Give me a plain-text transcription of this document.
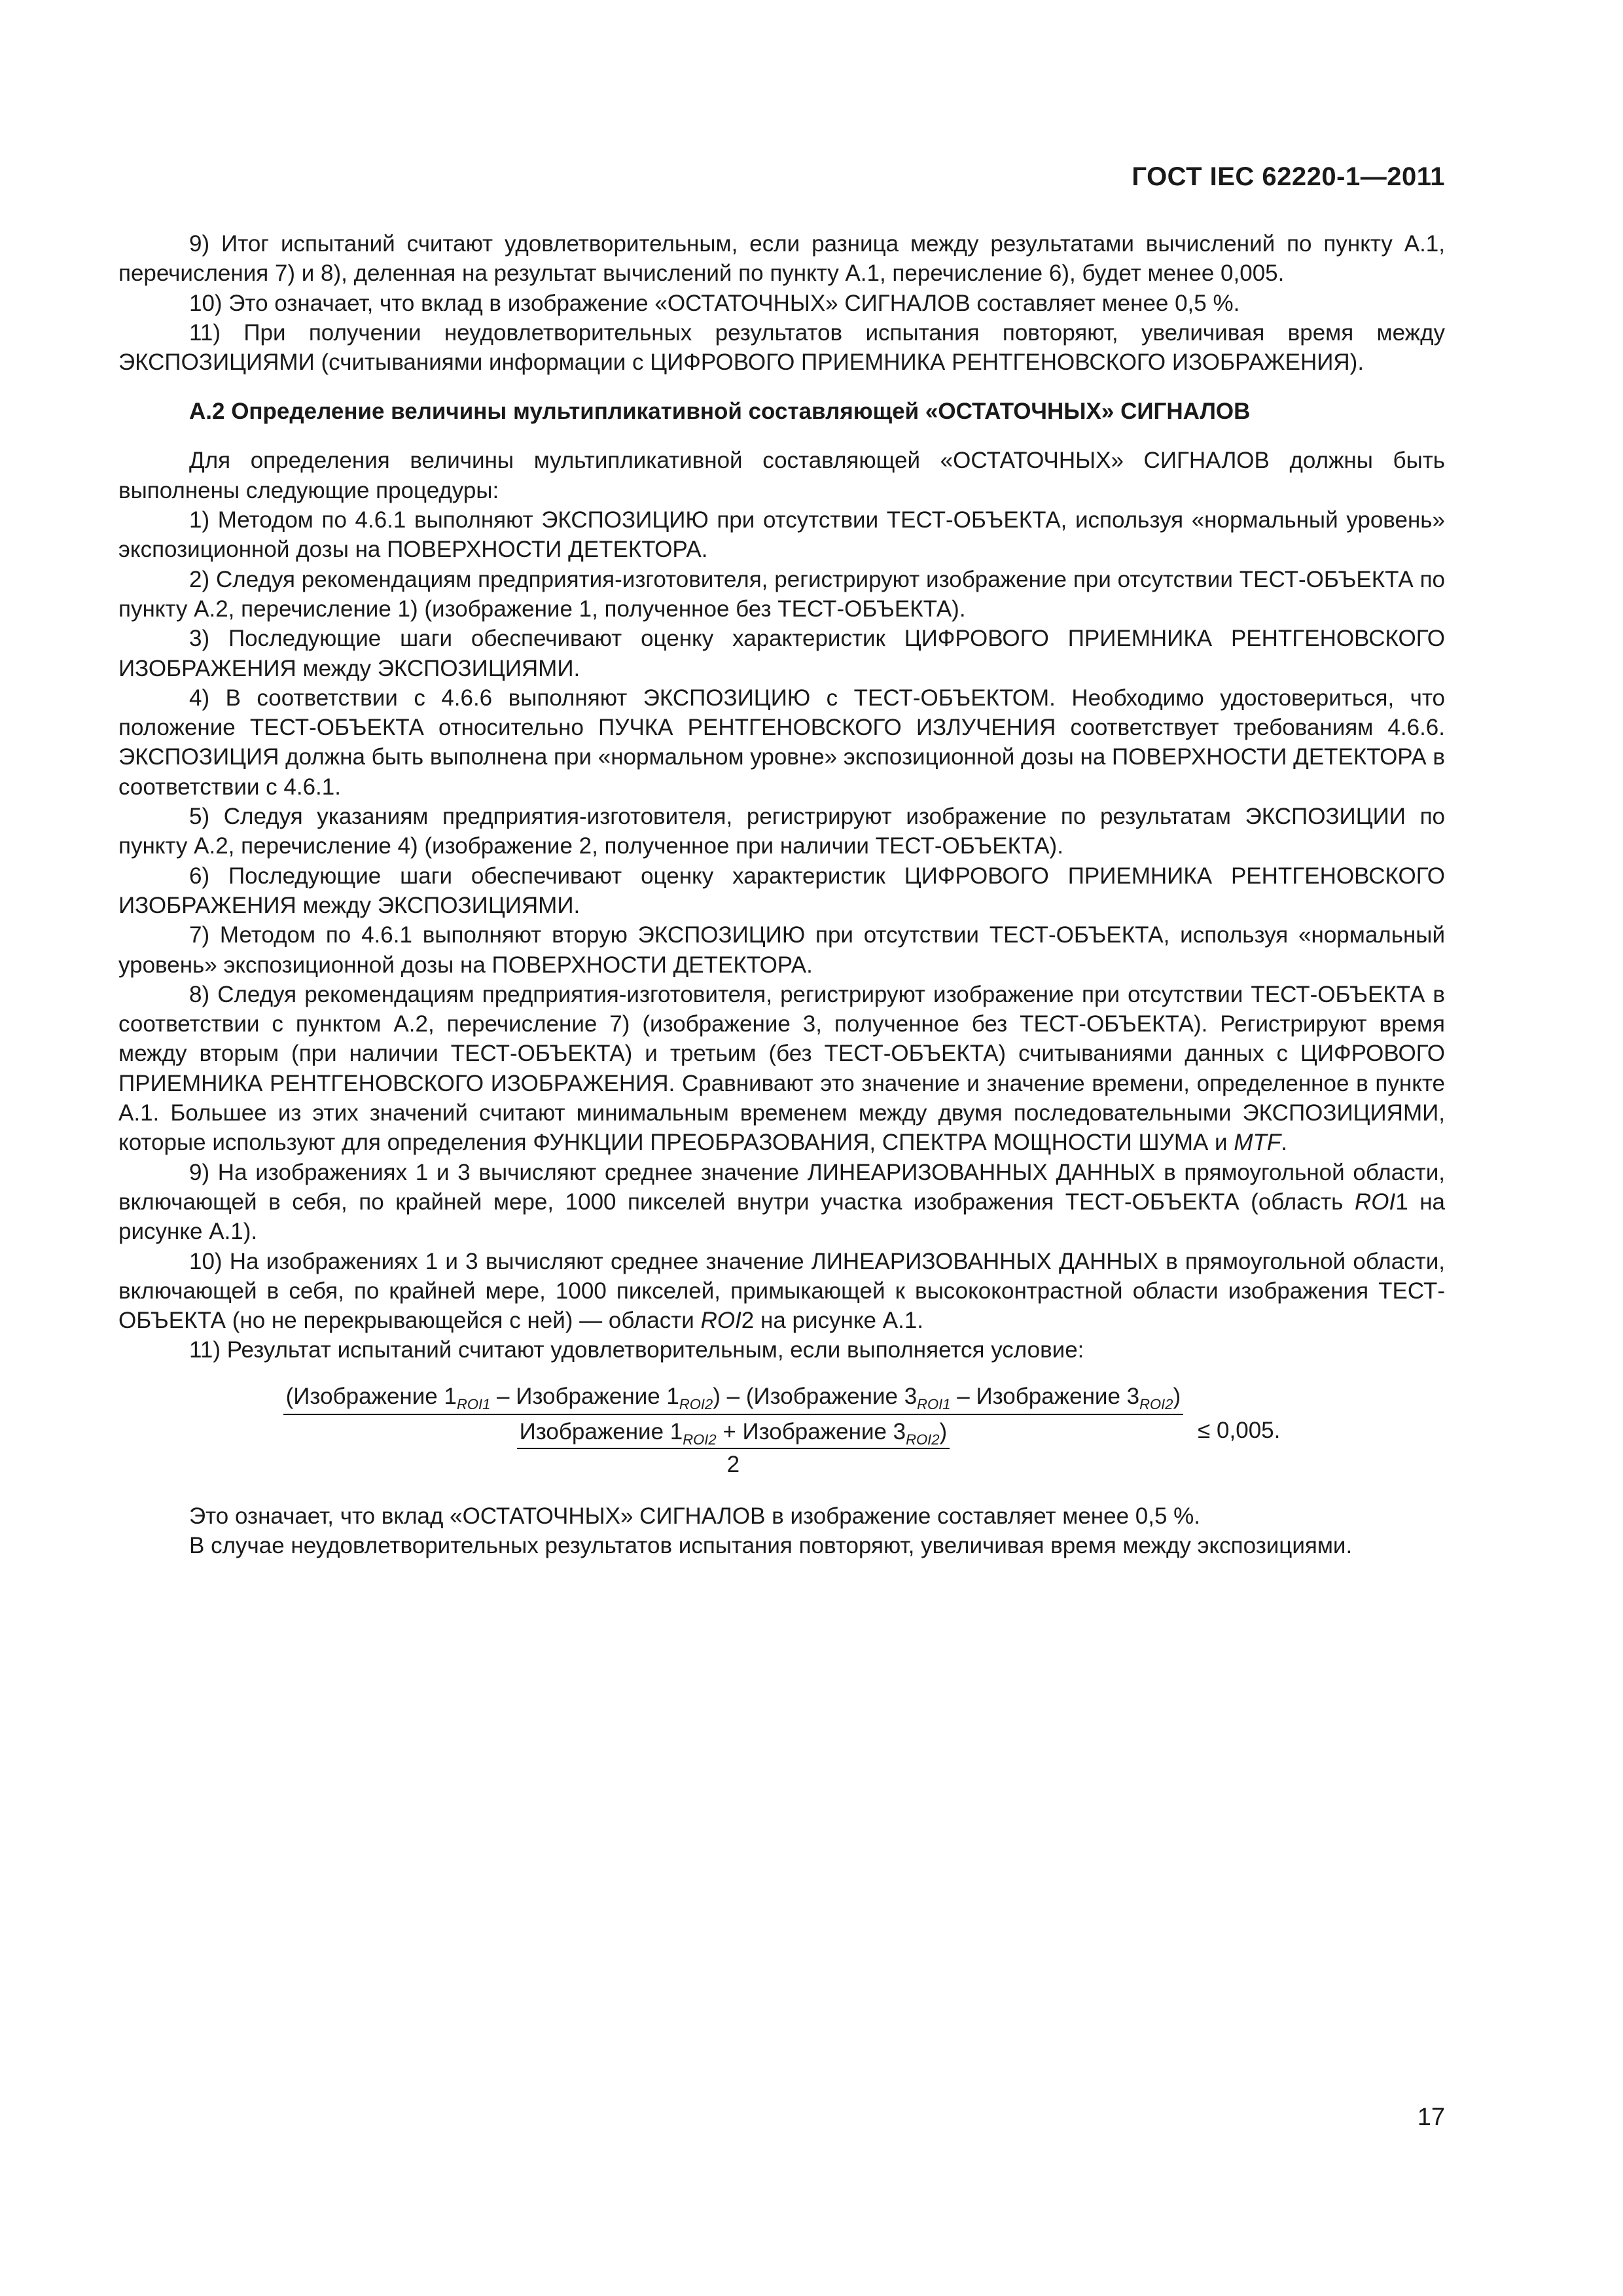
ГОСТ IEC 62220-1—2011

9) Итог испытаний считают удовлетворительным, если разница между результатами вычислений по пункту А.1, перечисления 7) и 8), деленная на результат вычислений по пункту А.1, перечисление 6), будет менее 0,005.

10) Это означает, что вклад в изображение «ОСТАТОЧНЫХ» СИГНАЛОВ составляет менее 0,5 %.

11) При получении неудовлетворительных результатов испытания повторяют, увеличивая время между ЭКСПОЗИЦИЯМИ (считываниями информации с ЦИФРОВОГО ПРИЕМНИКА РЕНТГЕНОВСКОГО ИЗОБРАЖЕНИЯ).

А.2 Определение величины мультипликативной составляющей «ОСТАТОЧНЫХ» СИГНАЛОВ

Для определения величины мультипликативной составляющей «ОСТАТОЧНЫХ» СИГНАЛОВ должны быть выполнены следующие процедуры:

1) Методом по 4.6.1 выполняют ЭКСПОЗИЦИЮ при отсутствии ТЕСТ-ОБЪЕКТА, используя «нормальный уровень» экспозиционной дозы на ПОВЕРХНОСТИ ДЕТЕКТОРА.

2) Следуя рекомендациям предприятия-изготовителя, регистрируют изображение при отсутствии ТЕСТ-ОБЪЕКТА по пункту А.2, перечисление 1) (изображение 1, полученное без ТЕСТ-ОБЪЕКТА).

3) Последующие шаги обеспечивают оценку характеристик ЦИФРОВОГО ПРИЕМНИКА РЕНТГЕНОВСКОГО ИЗОБРАЖЕНИЯ между ЭКСПОЗИЦИЯМИ.

4) В соответствии с 4.6.6 выполняют ЭКСПОЗИЦИЮ с ТЕСТ-ОБЪЕКТОМ. Необходимо удостовериться, что положение ТЕСТ-ОБЪЕКТА относительно ПУЧКА РЕНТГЕНОВСКОГО ИЗЛУЧЕНИЯ соответствует требованиям 4.6.6. ЭКСПОЗИЦИЯ должна быть выполнена при «нормальном уровне» экспозиционной дозы на ПОВЕРХНОСТИ ДЕТЕКТОРА в соответствии с 4.6.1.

5) Следуя указаниям предприятия-изготовителя, регистрируют изображение по результатам ЭКСПОЗИЦИИ по пункту А.2, перечисление 4) (изображение 2, полученное при наличии ТЕСТ-ОБЪЕКТА).

6) Последующие шаги обеспечивают оценку характеристик ЦИФРОВОГО ПРИЕМНИКА РЕНТГЕНОВСКОГО ИЗОБРАЖЕНИЯ между ЭКСПОЗИЦИЯМИ.

7) Методом по 4.6.1 выполняют вторую ЭКСПОЗИЦИЮ при отсутствии ТЕСТ-ОБЪЕКТА, используя «нормальный уровень» экспозиционной дозы на ПОВЕРХНОСТИ ДЕТЕКТОРА.

8) Следуя рекомендациям предприятия-изготовителя, регистрируют изображение при отсутствии ТЕСТ-ОБЪЕКТА в соответствии с пунктом А.2, перечисление 7) (изображение 3, полученное без ТЕСТ-ОБЪЕКТА). Регистрируют время между вторым (при наличии ТЕСТ-ОБЪЕКТА) и третьим (без ТЕСТ-ОБЪЕКТА) считываниями данных с ЦИФРОВОГО ПРИЕМНИКА РЕНТГЕНОВСКОГО ИЗОБРАЖЕНИЯ. Сравнивают это значение и значение времени, определенное в пункте А.1. Большее из этих значений считают минимальным временем между двумя последовательными ЭКСПОЗИЦИЯМИ, которые используют для определения ФУНКЦИИ ПРЕОБРАЗОВАНИЯ, СПЕКТРА МОЩНОСТИ ШУМА и MTF.

9) На изображениях 1 и 3 вычисляют среднее значение ЛИНЕАРИЗОВАННЫХ ДАННЫХ в прямоугольной области, включающей в себя, по крайней мере, 1000 пикселей внутри участка изображения ТЕСТ-ОБЪЕКТА (область ROI1 на рисунке А.1).

10) На изображениях 1 и 3 вычисляют среднее значение ЛИНЕАРИЗОВАННЫХ ДАННЫХ в прямоугольной области, включающей в себя, по крайней мере, 1000 пикселей, примыкающей к высококонтрастной области изображения ТЕСТ-ОБЪЕКТА (но не перекрывающейся с ней) — области ROI2 на рисунке А.1.

11) Результат испытаний считают удовлетворительным, если выполняется условие:

(Изображение $1_{ROI1}$ – Изображение $1_{ROI2}$) – (Изображение $3_{ROI1}$ – Изображение $3_{ROI2}$)
Изображение $1_{ROI2}$ + Изображение $3_{ROI2}$)
2
≤ 0,005.

Это означает, что вклад «ОСТАТОЧНЫХ» СИГНАЛОВ в изображение составляет менее 0,5 %.

В случае неудовлетворительных результатов испытания повторяют, увеличивая время между экспозициями.

17
